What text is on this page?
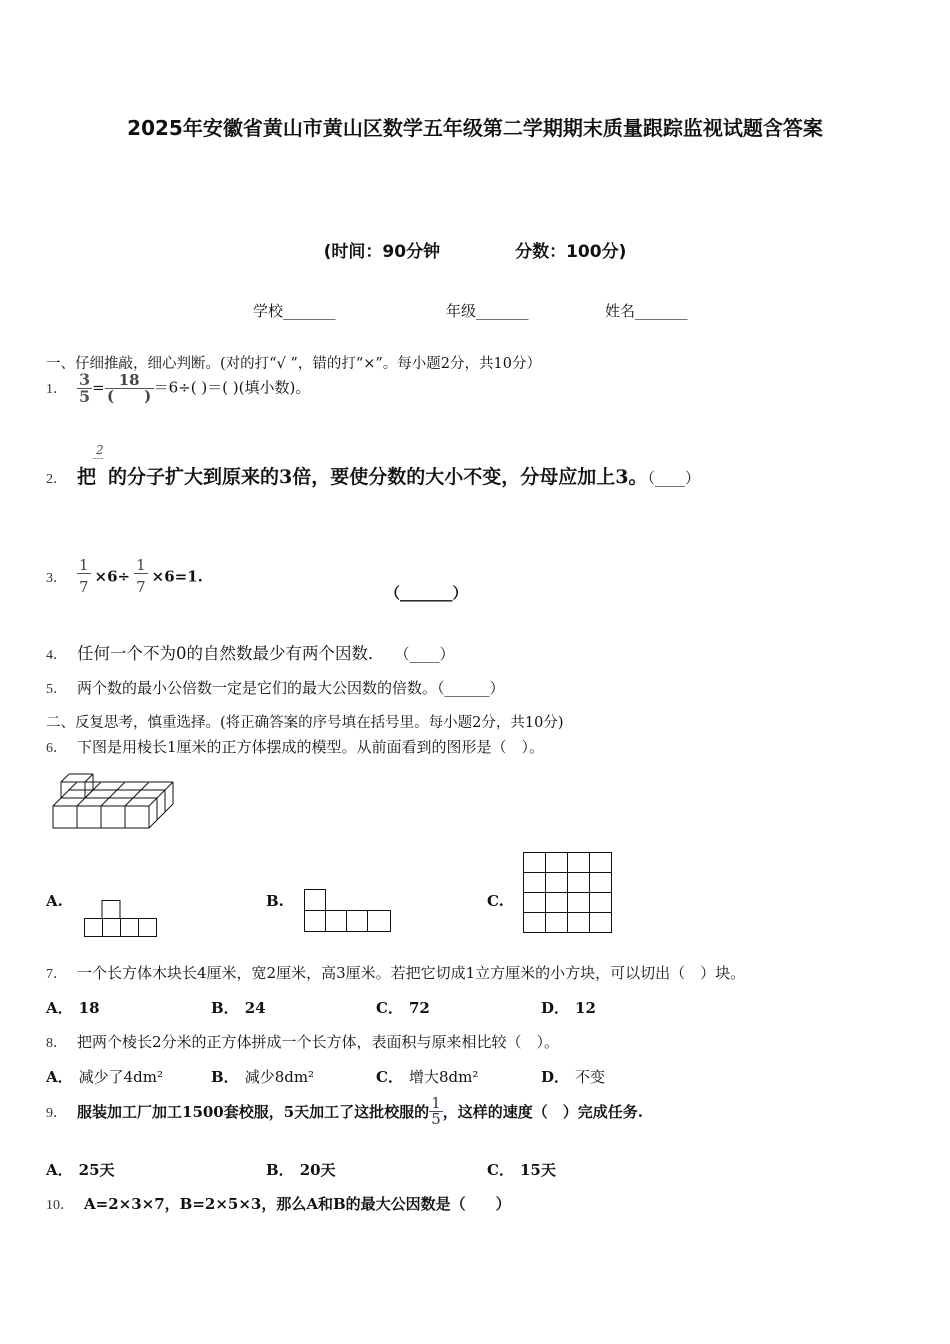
2025年安徽省黄山市黄山区数学五年级第二学期期末质量跟踪监视试题含答案
(时间：90分钟	分数：100分)
学校_______	年级_______	姓名_______
一、仔细推敲，细心判断。(对的打“√ ”，错的打“×”。每小题2分，共10分）
1． $\frac{3}{5} = \frac{18}{( )} =6\div$( )＝( )(填小数)。
2
2． 把 的分子扩大到原来的3倍，要使分数的大小不变，分母应加上3。（____）
3． $\frac{1}{7} \times 6\div \frac{1}{7} \times 6=1$.
（_______）
4． 任何一个不为0的自然数最少有两个因数． （____）
5． 两个数的最小公倍数一定是它们的最大公因数的倍数。（______）
二、反复思考，慎重选择。(将正确答案的序号填在括号里。每小题2分，共10分)
6． 下图是用棱长1厘米的正方体摆成的模型。从前面看到的图形是（　）。
A.	B.	C.
7． 一个长方体木块长4厘米，宽2厘米，高3厘米。若把它切成1立方厘米的小方块，可以切出（　）块。
A． 18	B． 24	C． 72	D． 12
8． 把两个棱长2分米的正方体拼成一个长方体，表面积与原来相比较（　）。
A． 减少了4dm²	B． 减少8dm²	C． 增大8dm²	D． 不变
9． 服装加工厂加工1500套校服，5天加工了这批校服的 $\frac{1}{5}$ ，这样的速度（　）完成任务.
A． 25天	B． 20天	C． 15天
10． A=2×3×7，B=2×5×3，那么A和B的最大公因数是（　　）
